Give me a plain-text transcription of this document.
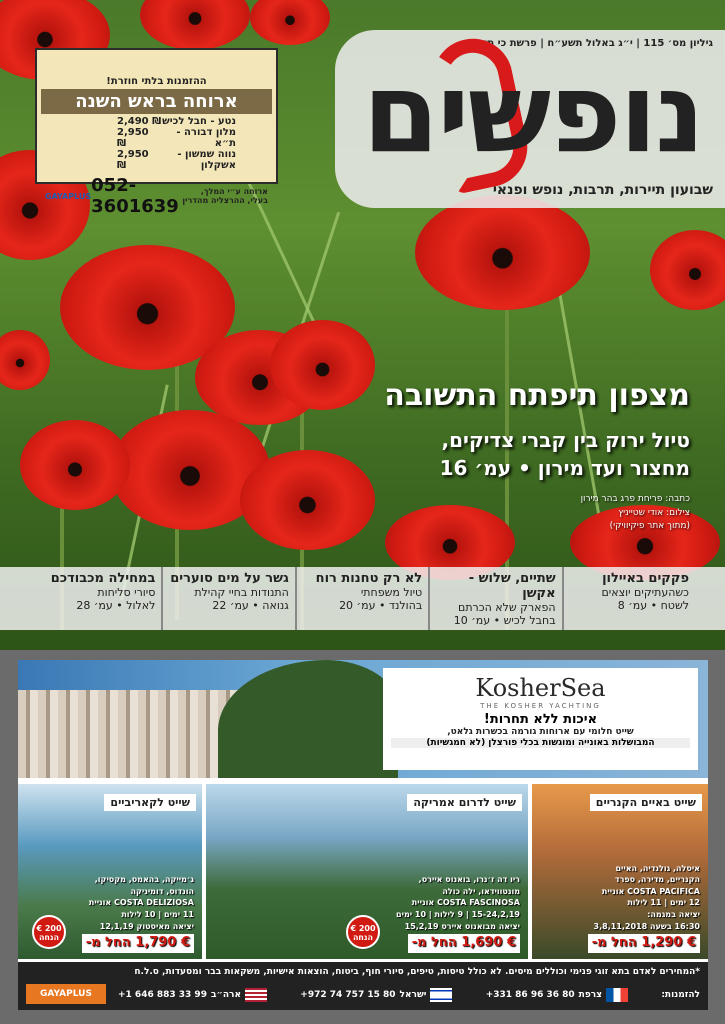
ההזמנות בלתי חוזרת!
ארוחה בראש השנה
נטע - חבל לכיש
2,490 ₪
מלון דבורה - ת״א
2,950 ₪
נווה שמשון - אשקלון
2,950 ₪
ארוחה ע״י המלך, בעלי, ההרצליה מהדרין
052-3601639
GAYAPLUS
גיליון מס׳ 115 | י״ג באלול תשע״ח | פרשת כי תצא
נופשים
שבועון תיירות, תרבות, נופש ופנאי
מצפון תיפתח התשובה
טיול ירוק בין קברי צדיקים,
מחצור ועד מירון • עמ׳ 16
כתבה: פריחת פרג בהר מירון
צילום: אודי שטייניץ
(מתוך אתר פיקיוויקי)
פקקים באיילון
כשהעתיקים יוצאים
לשטח • עמ׳ 8
שתיים, שלוש - אקשן
הפארק שלא הכרתם
בחבל לכיש • עמ׳ 10
לא רק טחנות רוח
טיול משפחתי
בהולנד • עמ׳ 20
גשר על מים סוערים
התנודות בחיי קהילת
גנואה • עמ׳ 22
במחילה מכבודכם
סיורי סליחות
לאלול • עמ׳ 28
KosherSea
THE KOSHER YACHTING
איכות ללא תחרות!
שייט חלומי עם ארוחות גורמה בכשרות גלאט,
המבושלות באונייה ומוגשות בכלי פורצלן (לא חמגשיות)
שייט באיים הקנריים
איסלה, גולנדיה, האיים
הקנריים, מדירה, ספרד
COSTA PACIFICA אוניית
12 ימים | 11 לילות
יציאה במגמה:
16:30 בשעה 3,8,11,2018
€ 1,290 החל מ-
שייט לדרום אמריקה
ריו דה ז׳נרו, בואנוס איירס,
מונטווידאו, ילה כולה
COSTA FASCINOSA אוניית
15-24,2,19 | 9 לילות | 10 ימים
יציאה מבואנוס איירס 15,2,19
€ 1,690 החל מ-
200 € הנחה
שייט לקאריביים
ג׳מייקה, בהאמס, מקסיקו,
הונדוס, דומיניקה
COSTA DELIZIOSA אוניית
11 ימים | 10 לילות
יציאה מאיסטוק 12,1,19
€ 1,790 החל מ-
200 € הנחה
*המחירים לאדם בתא זוגי פנימי וכוללים מיסים. לא כולל טיסות, טיפים, סיורי חוף, ביטוח, הוצאות אישיות, משקאות בבר ומסעדות, ס.ל.ח
להזמנות:
צרפת
+331 86 96 36 80
ישראל
+972 74 757 15 80
ארה״ב
+1 646 883 33 99
GAYAPLUS
